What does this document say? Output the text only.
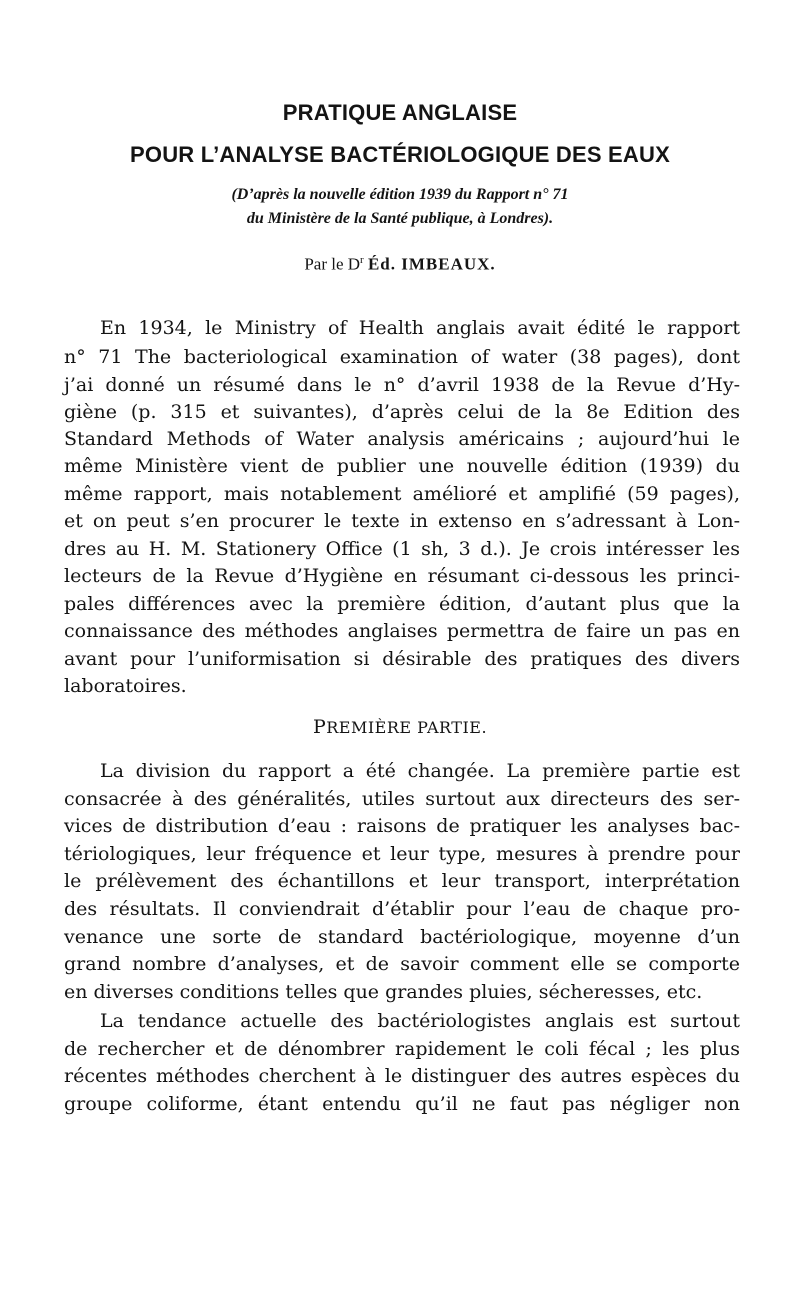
PRATIQUE ANGLAISE
POUR L’ANALYSE BACTÉRIOLOGIQUE DES EAUX
(D’après la nouvelle édition 1939 du Rapport n° 71
du Ministère de la Santé publique, à Londres).
Par le $D^r$ Éd. IMBEAUX.
En 1934, le Ministry of Health anglais avait édité le rapport
n° 71 The bacteriological examination of water (38 pages), dont
j’ai donné un résumé dans le n° d’avril 1938 de la Revue d’Hy-
giène (p. 315 et suivantes), d’après celui de la 8e Edition des
Standard Methods of Water analysis américains ; aujourd’hui le
même Ministère vient de publier une nouvelle édition (1939) du
même rapport, mais notablement amélioré et amplifié (59 pages),
et on peut s’en procurer le texte in extenso en s’adressant à Lon-
dres au H. M. Stationery Office (1 sh, 3 d.). Je crois intéresser les
lecteurs de la Revue d’Hygiène en résumant ci-dessous les princi-
pales différences avec la première édition, d’autant plus que la
connaissance des méthodes anglaises permettra de faire un pas en
avant pour l’uniformisation si désirable des pratiques des divers
laboratoires.
PREMIÈRE PARTIE.
La division du rapport a été changée. La première partie est
consacrée à des généralités, utiles surtout aux directeurs des ser-
vices de distribution d’eau : raisons de pratiquer les analyses bac-
tériologiques, leur fréquence et leur type, mesures à prendre pour
le prélèvement des échantillons et leur transport, interprétation
des résultats. Il conviendrait d’établir pour l’eau de chaque pro-
venance une sorte de standard bactériologique, moyenne d’un
grand nombre d’analyses, et de savoir comment elle se comporte
en diverses conditions telles que grandes pluies, sécheresses, etc.
La tendance actuelle des bactériologistes anglais est surtout
de rechercher et de dénombrer rapidement le coli fécal ; les plus
récentes méthodes cherchent à le distinguer des autres espèces du
groupe coliforme, étant entendu qu’il ne faut pas négliger non
